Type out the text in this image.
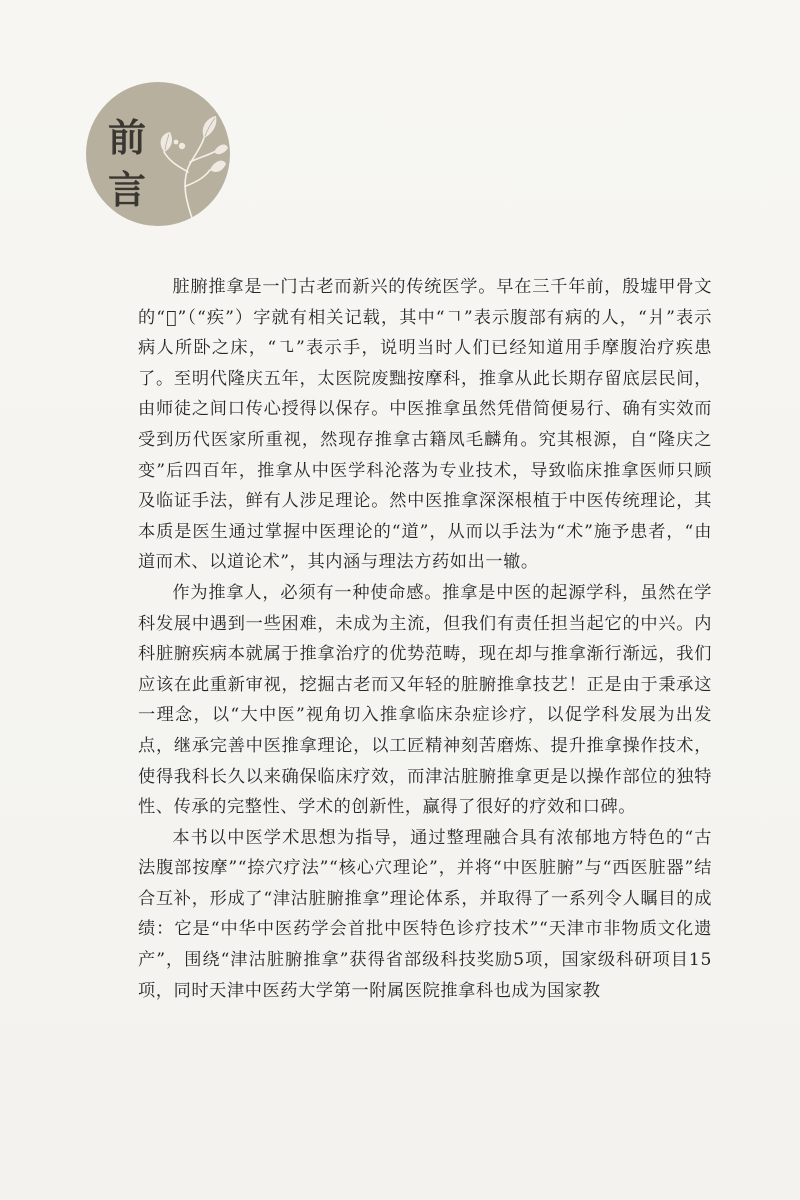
前
言

脏腑推拿是一门古老而新兴的传统医学。早在三千年前，殷墟甲骨文的“𤕫”（“疾”）字就有相关记载，其中“𠃍”表示腹部有病的人，“爿”表示病人所卧之床，“㇈”表示手，说明当时人们已经知道用手摩腹治疗疾患了。至明代隆庆五年，太医院废黜按摩科，推拿从此长期存留底层民间，由师徒之间口传心授得以保存。中医推拿虽然凭借简便易行、确有实效而受到历代医家所重视，然现存推拿古籍凤毛麟角。究其根源，自“隆庆之变”后四百年，推拿从中医学科沦落为专业技术，导致临床推拿医师只顾及临证手法，鲜有人涉足理论。然中医推拿深深根植于中医传统理论，其本质是医生通过掌握中医理论的“道”，从而以手法为“术”施予患者，“由道而术、以道论术”，其内涵与理法方药如出一辙。

作为推拿人，必须有一种使命感。推拿是中医的起源学科，虽然在学科发展中遇到一些困难，未成为主流，但我们有责任担当起它的中兴。内科脏腑疾病本就属于推拿治疗的优势范畴，现在却与推拿渐行渐远，我们应该在此重新审视，挖掘古老而又年轻的脏腑推拿技艺！正是由于秉承这一理念，以“大中医”视角切入推拿临床杂症诊疗，以促学科发展为出发点，继承完善中医推拿理论，以工匠精神刻苦磨炼、提升推拿操作技术，使得我科长久以来确保临床疗效，而津沽脏腑推拿更是以操作部位的独特性、传承的完整性、学术的创新性，赢得了很好的疗效和口碑。

本书以中医学术思想为指导，通过整理融合具有浓郁地方特色的“古法腹部按摩”“捺穴疗法”“核心穴理论”，并将“中医脏腑”与“西医脏器”结合互补，形成了“津沽脏腑推拿”理论体系，并取得了一系列令人瞩目的成绩：它是“中华中医药学会首批中医特色诊疗技术”“天津市非物质文化遗产”，围绕“津沽脏腑推拿”获得省部级科技奖励5项，国家级科研项目15项，同时天津中医药大学第一附属医院推拿科也成为国家教
